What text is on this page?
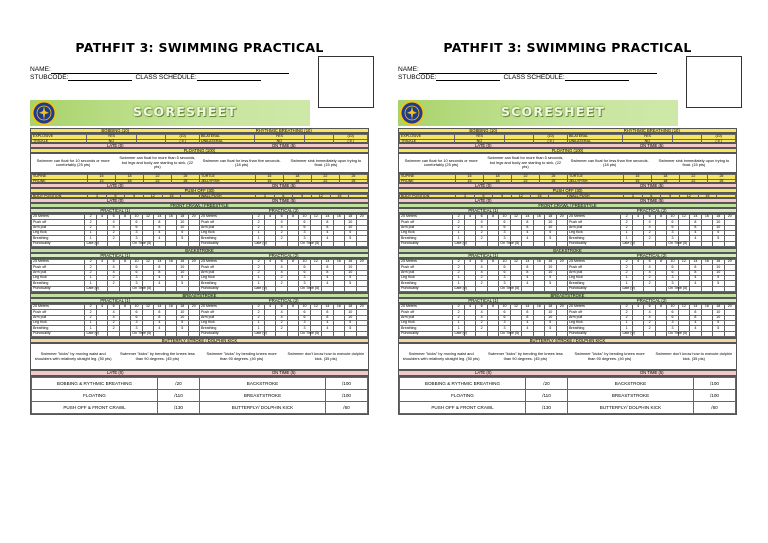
PATHFIT 3: SWIMMING PRACTICAL
NAME:
STUBCODE:	CLASS SCHEDULE:
SCORESHEET
BOBBING (10)	RHYTHMIC BREATHING (10)
EXPLOSIVE	YES		(10)	BILATERAL	YES		(10)
TRICKLE	NO		( 5 )	UNILATERAL	NO		( 5 )
LATE (0)	ON TIME (5)
FLOATING (100)
Swimmer can float for 10 seconds or more comfortably (25 pts)
Swimmer can float for more than 5 seconds, but legs and body are starting to sink. (22 pts)
Swimmer can float for less than five seconds. (18 pts)
Swimmer sink immediately upon trying to float. (15 pts)
SUPINE	15	18	22	25	TURTLE	15	18	22	25
PRONE	15	18	22	25	JELLYFISH	15	18	22	25
LATE (0)	ON TIME (5)
PUSH OFF (30)
BODY POSITION	3	6	9	12	15		WALL PUSH	3	6	9	12	15	
LATE (0)	ON TIME (5)
FRONT CRAWL / FREESTYLE
PRACTICAL (1)	PRACTICAL (2)
25 Meters	2	4	6	8	10	12	14	16	18	20	25 Meters	2	4	6	8	10	12	14	16	18	20
Push off	2		4		6		8		10		Push off	2		4		6		8		10	
Arm pull	2		4		6		8		10		Arm pull	2		4		6		8		10	
Leg Kick	1		2		3		4		5		Leg Kick	1		2		3		4		5	
Breathing	1		2		3		4		5		Breathing	1		2		3		4		5	
Punctuality	Late (0)				On Time (5)						Punctuality	Late (0)				On Time (5)					
BACKSTROKE
PRACTICAL (1)	PRACTICAL (2)
25 Meters	2	4	6	8	10	12	14	16	18	20	25 Meters	2	4	6	8	10	12	14	16	18	20
Push off	2		4		6		8		10		Push off	2		4		6		8		10	
Arm pull	2		4		6		8		10		Arm pull	2		4		6		8		10	
Leg Kick	1		2		3		4		5		Leg Kick	1		2		3		4		5	
Breathing	1		2		3		4		5		Breathing	1		2		3		4		5	
Punctuality	Late (0)				On Time (5)						Punctuality	Late (0)				On Time (5)					
BREASTSTROKE
PRACTICAL (1)	PRACTICAL (2)
25 Meters	2	4	6	8	10	12	14	16	18	20	25 Meters	2	4	6	8	10	12	14	16	18	20
Push off	2		4		6		8		10		Push off	2		4		6		8		10	
Arm pull	2		4		6		8		10		Arm pull	2		4		6		8		10	
Leg Kick	1		2		3		4		5		Leg Kick	1		2		3		4		5	
Breathing	1		2		3		4		5		Breathing	1		2		3		4		5	
Punctuality	Late (0)				On Time (5)						Punctuality	Late (0)				On Time (5)					
BUTTERFLY STROKE / DOLPHIN KICK
Swimmer "kicks" by moving waist and shoulders with relatively straight leg. (50 pts)
Swimmer "kicks" by bending the knees less than 90 degrees. (45 pts)
Swimmer "kicks" by bending knees more than 90 degrees. (40 pts)
Swimmer don't know how to execute dolphin kick. (35 pts)
LATE (0)	ON TIME (5)
BOBBING & RYTHMIC BREATHING	/20	BACKSTROKE	/100
FLOATING	/110	BREASTSTROKE	/100
PUSH OFF & FRONT CRAWL	/130	BUTTERFLY/ DOLPHIN KICK	/60
PATHFIT 3: SWIMMING PRACTICAL
NAME:
STUBCODE:	CLASS SCHEDULE:
SCORESHEET
BOBBING (10)	RHYTHMIC BREATHING (10)
EXPLOSIVE	YES		(10)	BILATERAL	YES		(10)
TRICKLE	NO		( 5 )	UNILATERAL	NO		( 5 )
LATE (0)	ON TIME (5)
FLOATING (100)
Swimmer can float for 10 seconds or more comfortably (25 pts)
Swimmer can float for more than 5 seconds, but legs and body are starting to sink. (22 pts)
Swimmer can float for less than five seconds. (18 pts)
Swimmer sink immediately upon trying to float. (15 pts)
SUPINE	15	18	22	25	TURTLE	15	18	22	25
PRONE	15	18	22	25	JELLYFISH	15	18	22	25
LATE (0)	ON TIME (5)
PUSH OFF (30)
BODY POSITION	3	6	9	12	15		WALL PUSH	3	6	9	12	15	
LATE (0)	ON TIME (5)
FRONT CRAWL / FREESTYLE
PRACTICAL (1)	PRACTICAL (2)
25 Meters	2	4	6	8	10	12	14	16	18	20	25 Meters	2	4	6	8	10	12	14	16	18	20
Push off	2		4		6		8		10		Push off	2		4		6		8		10	
Arm pull	2		4		6		8		10		Arm pull	2		4		6		8		10	
Leg Kick	1		2		3		4		5		Leg Kick	1		2		3		4		5	
Breathing	1		2		3		4		5		Breathing	1		2		3		4		5	
Punctuality	Late (0)				On Time (5)						Punctuality	Late (0)				On Time (5)					
BACKSTROKE
PRACTICAL (1)	PRACTICAL (2)
25 Meters	2	4	6	8	10	12	14	16	18	20	25 Meters	2	4	6	8	10	12	14	16	18	20
Push off	2		4		6		8		10		Push off	2		4		6		8		10	
Arm pull	2		4		6		8		10		Arm pull	2		4		6		8		10	
Leg Kick	1		2		3		4		5		Leg Kick	1		2		3		4		5	
Breathing	1		2		3		4		5		Breathing	1		2		3		4		5	
Punctuality	Late (0)				On Time (5)						Punctuality	Late (0)				On Time (5)					
BREASTSTROKE
PRACTICAL (1)	PRACTICAL (2)
25 Meters	2	4	6	8	10	12	14	16	18	20	25 Meters	2	4	6	8	10	12	14	16	18	20
Push off	2		4		6		8		10		Push off	2		4		6		8		10	
Arm pull	2		4		6		8		10		Arm pull	2		4		6		8		10	
Leg Kick	1		2		3		4		5		Leg Kick	1		2		3		4		5	
Breathing	1		2		3		4		5		Breathing	1		2		3		4		5	
Punctuality	Late (0)				On Time (5)						Punctuality	Late (0)				On Time (5)					
BUTTERFLY STROKE / DOLPHIN KICK
Swimmer "kicks" by moving waist and shoulders with relatively straight leg. (50 pts)
Swimmer "kicks" by bending the knees less than 90 degrees. (45 pts)
Swimmer "kicks" by bending knees more than 90 degrees. (40 pts)
Swimmer don't know how to execute dolphin kick. (35 pts)
LATE (0)	ON TIME (5)
BOBBING & RYTHMIC BREATHING	/20	BACKSTROKE	/100
FLOATING	/110	BREASTSTROKE	/100
PUSH OFF & FRONT CRAWL	/130	BUTTERFLY/ DOLPHIN KICK	/60
